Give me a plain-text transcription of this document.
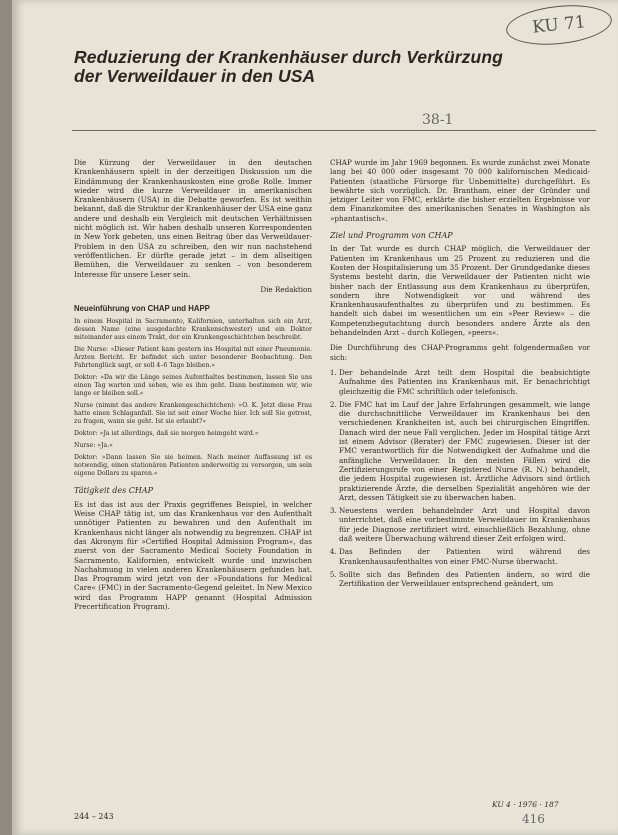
KU 71
Reduzierung der Krankenhäuser durch Verkürzung
der Verweildauer in den USA
38-1

Die Kürzung der Verweildauer in den deutschen Krankenhäusern spielt in der derzeitigen Diskussion um die Eindämmung der Krankenhauskosten eine große Rolle. Immer wieder wird die kurze Verweildauer in amerikanischen Krankenhäusern (USA) in die Debatte geworfen. Es ist weithin bekannt, daß die Struktur der Krankenhäuser der USA eine ganz andere und deshalb ein Vergleich mit deutschen Verhältnissen nicht möglich ist. Wir haben deshalb unseren Korrespondenten in New York gebeten, uns einen Beitrag über das Verweildauer-Problem in den USA zu schreiben, den wir nun nachstehend veröffentlichen. Er dürfte gerade jetzt – in dem allseitigen Bemühen, die Verweildauer zu senken – von besonderem Interesse für unsere Leser sein.

Die Redaktion

Neueinführung von CHAP und HAPP

In einem Hospital in Sacramento, Kalifornien, unterhalten sich ein Arzt, dessen Name (eine ausgedachte Krankenschwester) und ein Doktor miteinander aus einem Trakt, der ein Krankengeschichtchen beschreibt.

Die Nurse: »Dieser Patient kam gestern ins Hospital mit einer Pneumonie. Ärzten Bericht. Er befindet sich unter besonderer Beobachtung. Den Fahrtenglück sagt, er soll 4–6 Tage bleiben.«

Doktor: »Da wir die Länge seines Aufenthaltes bestimmen, lassen Sie uns einen Tag warten und sehen, wie es ihm geht. Dann bestimmen wir, wie lange er bleiben soll.«

Nurse (nimmt das andere Krankengeschichtchen): »O. K. Jetzt diese Frau hatte einen Schlaganfall. Sie ist seit einer Woche hier. Ich soll Sie getrost, zu fragen, wann sie geht. Ist sie erlaubt?«

Doktor: »Ja ist allerdings, daß sie morgen heimgeht wird.«

Nurse: »Ja.«

Doktor: »Dann lassen Sie sie heimen. Nach meiner Auffassung ist es notwendig, einen stationären Patienten anderweitig zu versorgen, um sein eigene Dollars zu sparen.«

Tätigkeit des CHAP

Es ist das ist aus der Praxis gegriffenes Beispiel, in welcher Weise CHAP tätig ist, um das Krankenhaus vor den Aufenthalt unnötiger Patienten zu bewahren und den Aufenthalt im Krankenhaus nicht länger als notwendig zu begrenzen. CHAP ist das Akronym für »Certified Hospital Admission Program«, das zuerst von der Sacramento Medical Society Foundation in Sacramento, Kalifornien, entwickelt wurde und inzwischen Nachahmung in vielen anderen Krankenhäusern gefunden hat. Das Programm wird jetzt von der »Foundations for Medical Care« (FMC) in der Sacramento-Gegend geleitet. In New Mexico wird das Programm HAPP genannt (Hospital Admission Precertification Program).

CHAP wurde im Jahr 1969 begonnen. Es wurde zunächst zwei Monate lang bei 40 000 oder insgesamt 70 000 kalifornischen Medicaid-Patienten (staatliche Fürsorge für Unbemittelte) durchgeführt. Es bewährte sich vorzüglich. Dr. Brantham, einer der Gründer und jetziger Leiter von FMC, erklärte die bisher erzielten Ergebnisse vor dem Finanzkomitee des amerikanischen Senates in Washington als »phantastisch«.

Ziel und Programm von CHAP

In der Tat wurde es durch CHAP möglich, die Verweildauer der Patienten im Krankenhaus um 25 Prozent zu reduzieren und die Kosten der Hospitalisierung um 35 Prozent. Der Grundgedanke dieses Systems besteht darin, die Verweildauer der Patienten nicht wie bisher nach der Entlassung aus dem Krankenhaus zu überprüfen, sondern ihre Notwendigkeit vor und während des Krankenhausaufenthaltes zu überprüfen und zu bestimmen. Es handelt sich dabei im wesentlichen um ein »Peer Review« – die Kompetenzbegutachtung durch besonders andere Ärzte als den behandelnden Arzt – durch Kollegen, »peers«.

Die Durchführung des CHAP-Programms geht folgendermaßen vor sich:

1. Der behandelnde Arzt teilt dem Hospital die beabsichtigte Aufnahme des Patienten ins Krankenhaus mit. Er benachrichtigt gleichzeitig die FMC schriftlich oder telefonisch.
2. Die FMC hat im Lauf der Jahre Erfahrungen gesammelt, wie lange die durchschnittliche Verweildauer im Krankenhaus bei den verschiedenen Krankheiten ist, auch bei chirurgischen Eingriffen. Danach wird der neue Fall verglichen. Jeder im Hospital tätige Arzt ist einem Advisor (Berater) der FMC zugewiesen. Dieser ist der FMC verantwortlich für die Notwendigkeit der Aufnahme und die anfängliche Verweildauer. In den meisten Fällen wird die Zertifizierungsrufe von einer Registered Nurse (R. N.) behandelt, die jedem Hospital zugewiesen ist. Ärztliche Advisors sind örtlich praktizierende Ärzte, die derselben Spezialität angehören wie der Arzt, dessen Tätigkeit sie zu überwachen haben.
3. Neuestens werden behandelnder Arzt und Hospital davon unterrichtet, daß eine vorbestimmte Verweildauer im Krankenhaus für jede Diagnose zertifiziert wird, einschließlich Bezahlung, ohne daß weitere Überwachung während dieser Zeit erfolgen wird.
4. Das Befinden der Patienten wird während des Krankenhausaufenthaltes von einer FMC-Nurse überwacht.
5. Sollte sich das Befinden des Patienten ändern, so wird die Zertifikation der Verweildauer entsprechend geändert, um
244 – 243
KU 4 · 1976 · 187
416
